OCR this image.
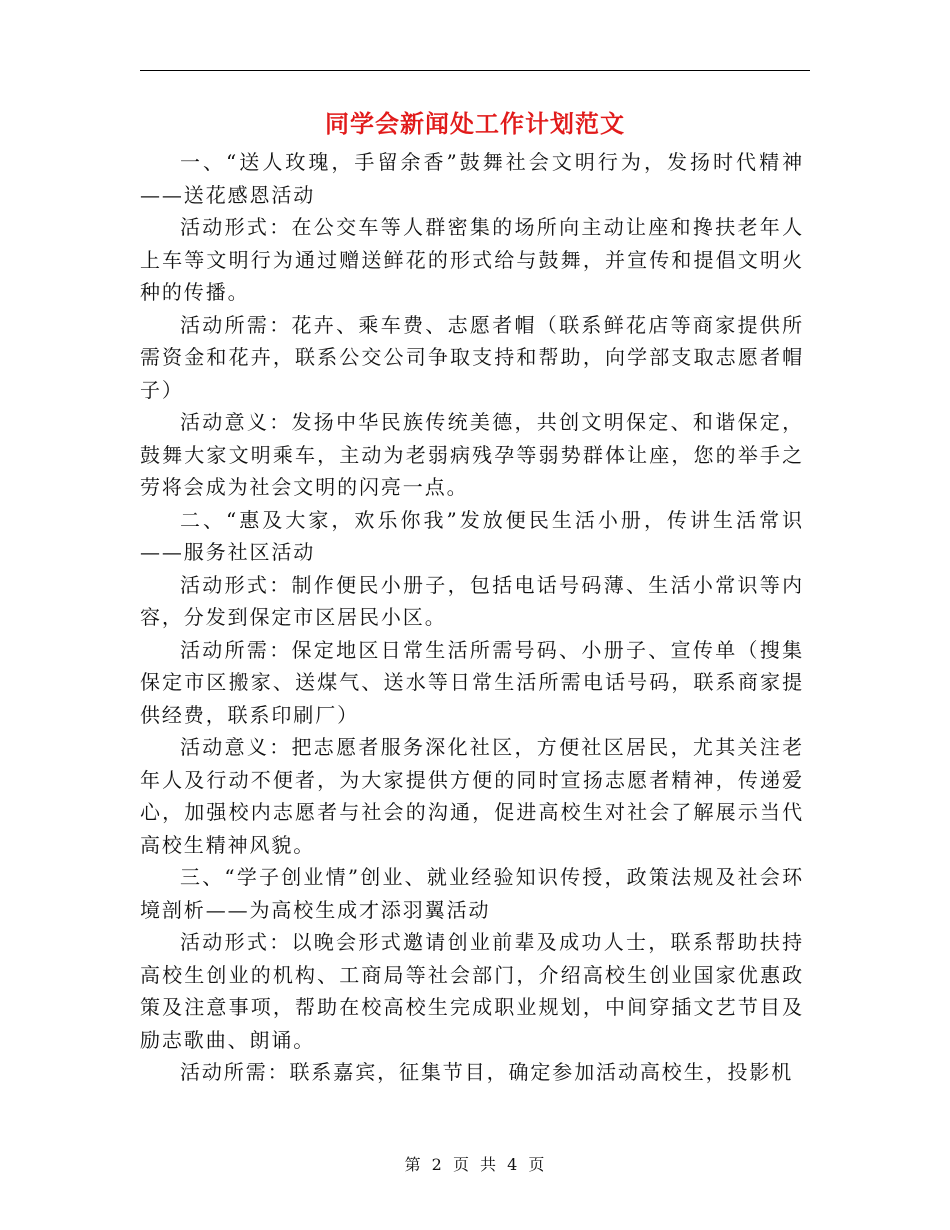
同学会新闻处工作计划范文

一、“送人玫瑰，手留余香”鼓舞社会文明行为，发扬时代精神——送花感恩活动

活动形式：在公交车等人群密集的场所向主动让座和搀扶老年人上车等文明行为通过赠送鲜花的形式给与鼓舞，并宣传和提倡文明火种的传播。

活动所需：花卉、乘车费、志愿者帽（联系鲜花店等商家提供所需资金和花卉，联系公交公司争取支持和帮助，向学部支取志愿者帽子）

活动意义：发扬中华民族传统美德，共创文明保定、和谐保定，鼓舞大家文明乘车，主动为老弱病残孕等弱势群体让座，您的举手之劳将会成为社会文明的闪亮一点。

二、“惠及大家，欢乐你我”发放便民生活小册，传讲生活常识——服务社区活动

活动形式：制作便民小册子，包括电话号码薄、生活小常识等内容，分发到保定市区居民小区。

活动所需：保定地区日常生活所需号码、小册子、宣传单（搜集保定市区搬家、送煤气、送水等日常生活所需电话号码，联系商家提供经费，联系印刷厂）

活动意义：把志愿者服务深化社区，方便社区居民，尤其关注老年人及行动不便者，为大家提供方便的同时宣扬志愿者精神，传递爱心，加强校内志愿者与社会的沟通，促进高校生对社会了解展示当代高校生精神风貌。

三、“学子创业情”创业、就业经验知识传授，政策法规及社会环境剖析——为高校生成才添羽翼活动

活动形式：以晚会形式邀请创业前辈及成功人士，联系帮助扶持高校生创业的机构、工商局等社会部门，介绍高校生创业国家优惠政策及注意事项，帮助在校高校生完成职业规划，中间穿插文艺节目及励志歌曲、朗诵。

活动所需：联系嘉宾，征集节目，确定参加活动高校生，投影机

第 2 页 共 4 页
